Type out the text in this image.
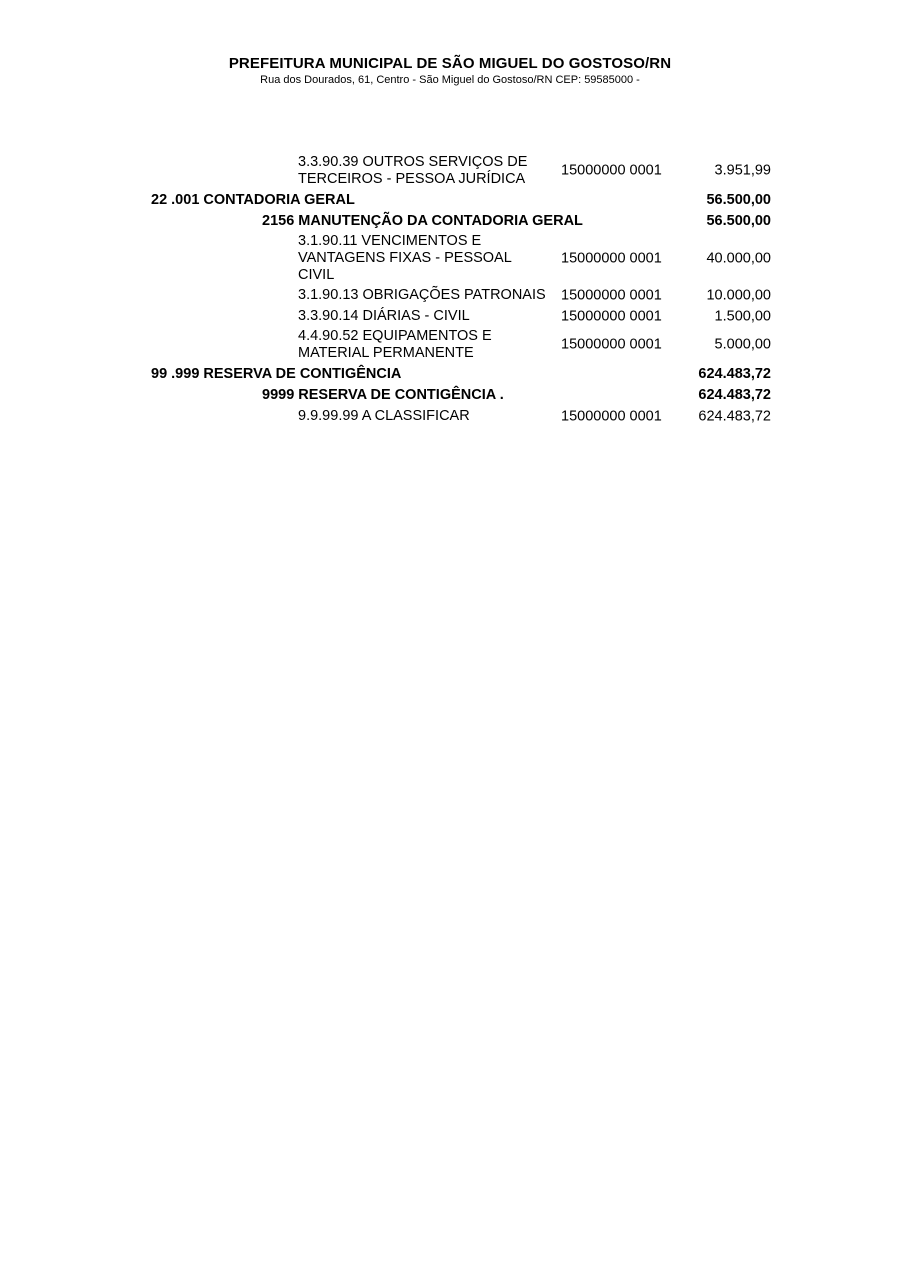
PREFEITURA MUNICIPAL DE SÃO MIGUEL DO GOSTOSO/RN
Rua dos Dourados, 61, Centro - São Miguel do Gostoso/RN CEP: 59585000 -
3.3.90.39 OUTROS SERVIÇOS DE TERCEIROS - PESSOA JURÍDICA
15000000 0001	3.951,99
22 .001 CONTADORIA GERAL	56.500,00
2156 MANUTENÇÃO DA CONTADORIA GERAL	56.500,00
3.1.90.11 VENCIMENTOS E VANTAGENS FIXAS - PESSOAL CIVIL
15000000 0001	40.000,00
3.1.90.13 OBRIGAÇÕES PATRONAIS 15000000 0001	10.000,00
3.3.90.14 DIÁRIAS - CIVIL	15000000 0001	1.500,00
4.4.90.52 EQUIPAMENTOS E MATERIAL PERMANENTE
15000000 0001	5.000,00
99 .999 RESERVA DE CONTIGÊNCIA	624.483,72
9999 RESERVA DE CONTIGÊNCIA .	624.483,72
9.9.99.99 A CLASSIFICAR	15000000 0001	624.483,72
